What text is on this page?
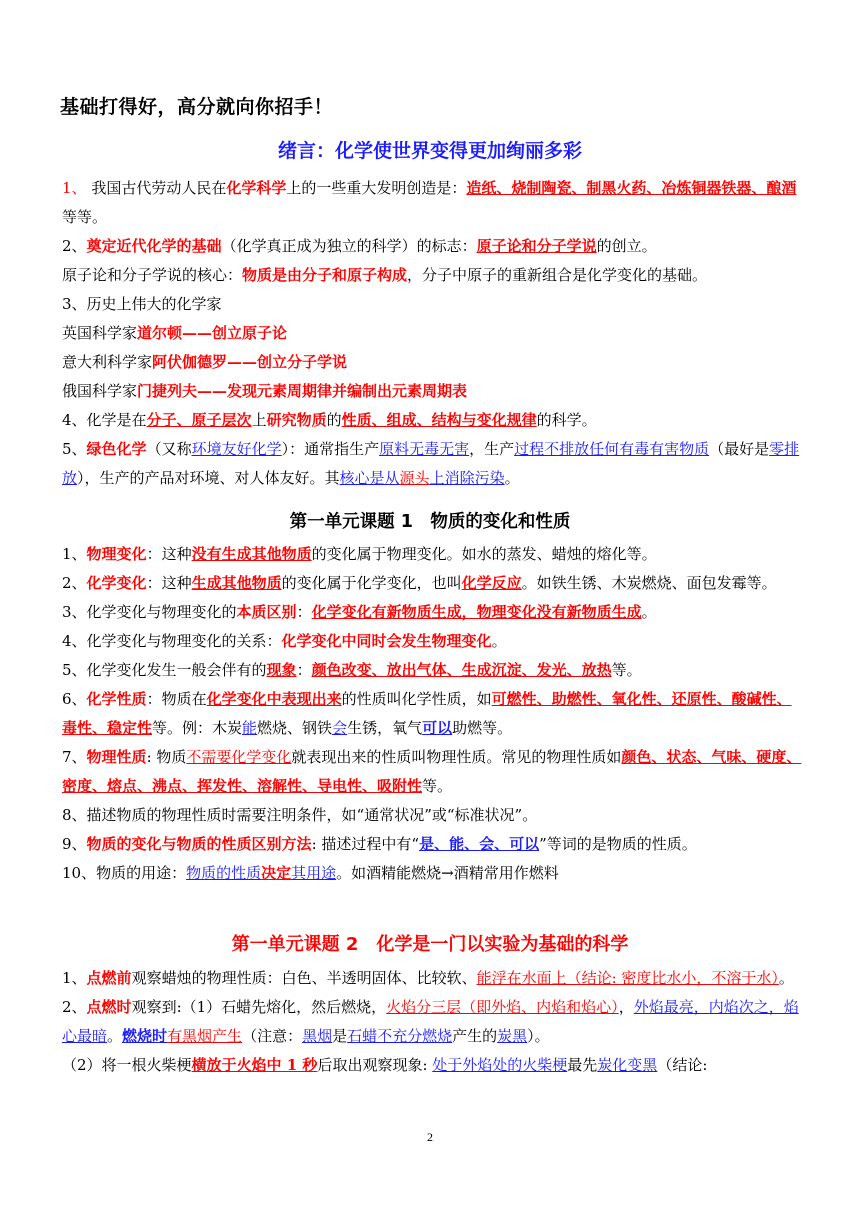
基础打得好，高分就向你招手！
绪言：化学使世界变得更加绚丽多彩
1、 我国古代劳动人民在化学科学上的一些重大发明创造是：造纸、烧制陶瓷、制黑火药、冶炼铜器铁器、酿酒等等。
2、奠定近代化学的基础（化学真正成为独立的科学）的标志：原子论和分子学说的创立。
原子论和分子学说的核心：物质是由分子和原子构成，分子中原子的重新组合是化学变化的基础。
3、历史上伟大的化学家
英国科学家道尔顿——创立原子论
意大利科学家阿伏伽德罗——创立分子学说
俄国科学家门捷列夫——发现元素周期律并编制出元素周期表
4、化学是在分子、原子层次上研究物质的性质、组成、结构与变化规律的科学。
5、绿色化学（又称环境友好化学）：通常指生产原料无毒无害，生产过程不排放任何有毒有害物质（最好是零排放），生产的产品对环境、对人体友好。其核心是从源头上消除污染。
第一单元课题 1　物质的变化和性质
1、物理变化：这种没有生成其他物质的变化属于物理变化。如水的蒸发、蜡烛的熔化等。
2、化学变化：这种生成其他物质的变化属于化学变化，也叫化学反应。如铁生锈、木炭燃烧、面包发霉等。
3、化学变化与物理变化的本质区别：化学变化有新物质生成，物理变化没有新物质生成。
4、化学变化与物理变化的关系：化学变化中同时会发生物理变化。
5、化学变化发生一般会伴有的现象：颜色改变、放出气体、生成沉淀、发光、放热等。
6、化学性质：物质在化学变化中表现出来的性质叫化学性质，如可燃性、助燃性、氧化性、还原性、酸碱性、毒性、稳定性等。例：木炭能燃烧、钢铁会生锈，氧气可以助燃等。
7、物理性质: 物质不需要化学变化就表现出来的性质叫物理性质。常见的物理性质如颜色、状态、气味、硬度、密度、熔点、沸点、挥发性、溶解性、导电性、吸附性等。
8、描述物质的物理性质时需要注明条件，如“通常状况”或“标准状况”。
9、物质的变化与物质的性质区别方法: 描述过程中有“是、能、会、可以”等词的是物质的性质。
10、物质的用途：物质的性质决定其用途。如酒精能燃烧→酒精常用作燃料
第一单元课题 2　化学是一门以实验为基础的科学
1、点燃前观察蜡烛的物理性质：白色、半透明固体、比较软、能浮在水面上（结论: 密度比水小，不溶于水）。
2、点燃时观察到:（1）石蜡先熔化，然后燃烧，火焰分三层（即外焰、内焰和焰心），外焰最亮，内焰次之，焰心最暗。燃烧时有黑烟产生（注意：黑烟是石蜡不充分燃烧产生的炭黑）。
（2）将一根火柴梗横放于火焰中 1 秒后取出观察现象: 处于外焰处的火柴梗最先炭化变黑（结论:
2
